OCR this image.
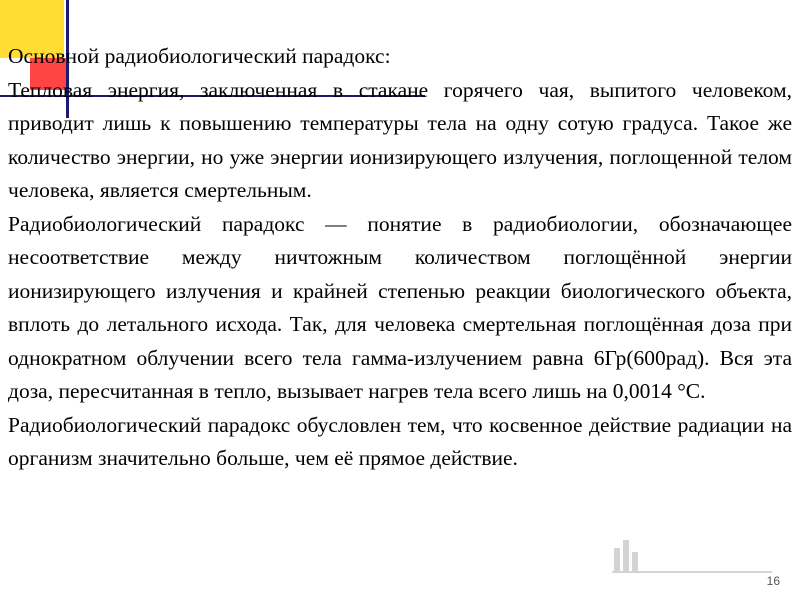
Основной радиобиологический парадокс:

Тепловая энергия, заключенная в стакане горячего чая, выпитого человеком, приводит лишь к повышению температуры тела на одну сотую градуса. Такое же количество энергии, но уже энергии ионизирующего излучения, поглощенной телом человека, является смертельным.

Радиобиологический парадокс — понятие в радиобиологии, обозначающее несоответствие между ничтожным количеством поглощённой энергии ионизирующего излучения и крайней степенью реакции биологического объекта, вплоть до летального исхода. Так, для человека смертельная поглощённая доза при однократном облучении всего тела гамма-излучением равна 6Гр(600рад). Вся эта доза, пересчитанная в тепло, вызывает нагрев тела всего лишь на 0,0014 °С.

Радиобиологический парадокс обусловлен тем, что косвенное действие радиации на организм значительно больше, чем её прямое действие.

16
